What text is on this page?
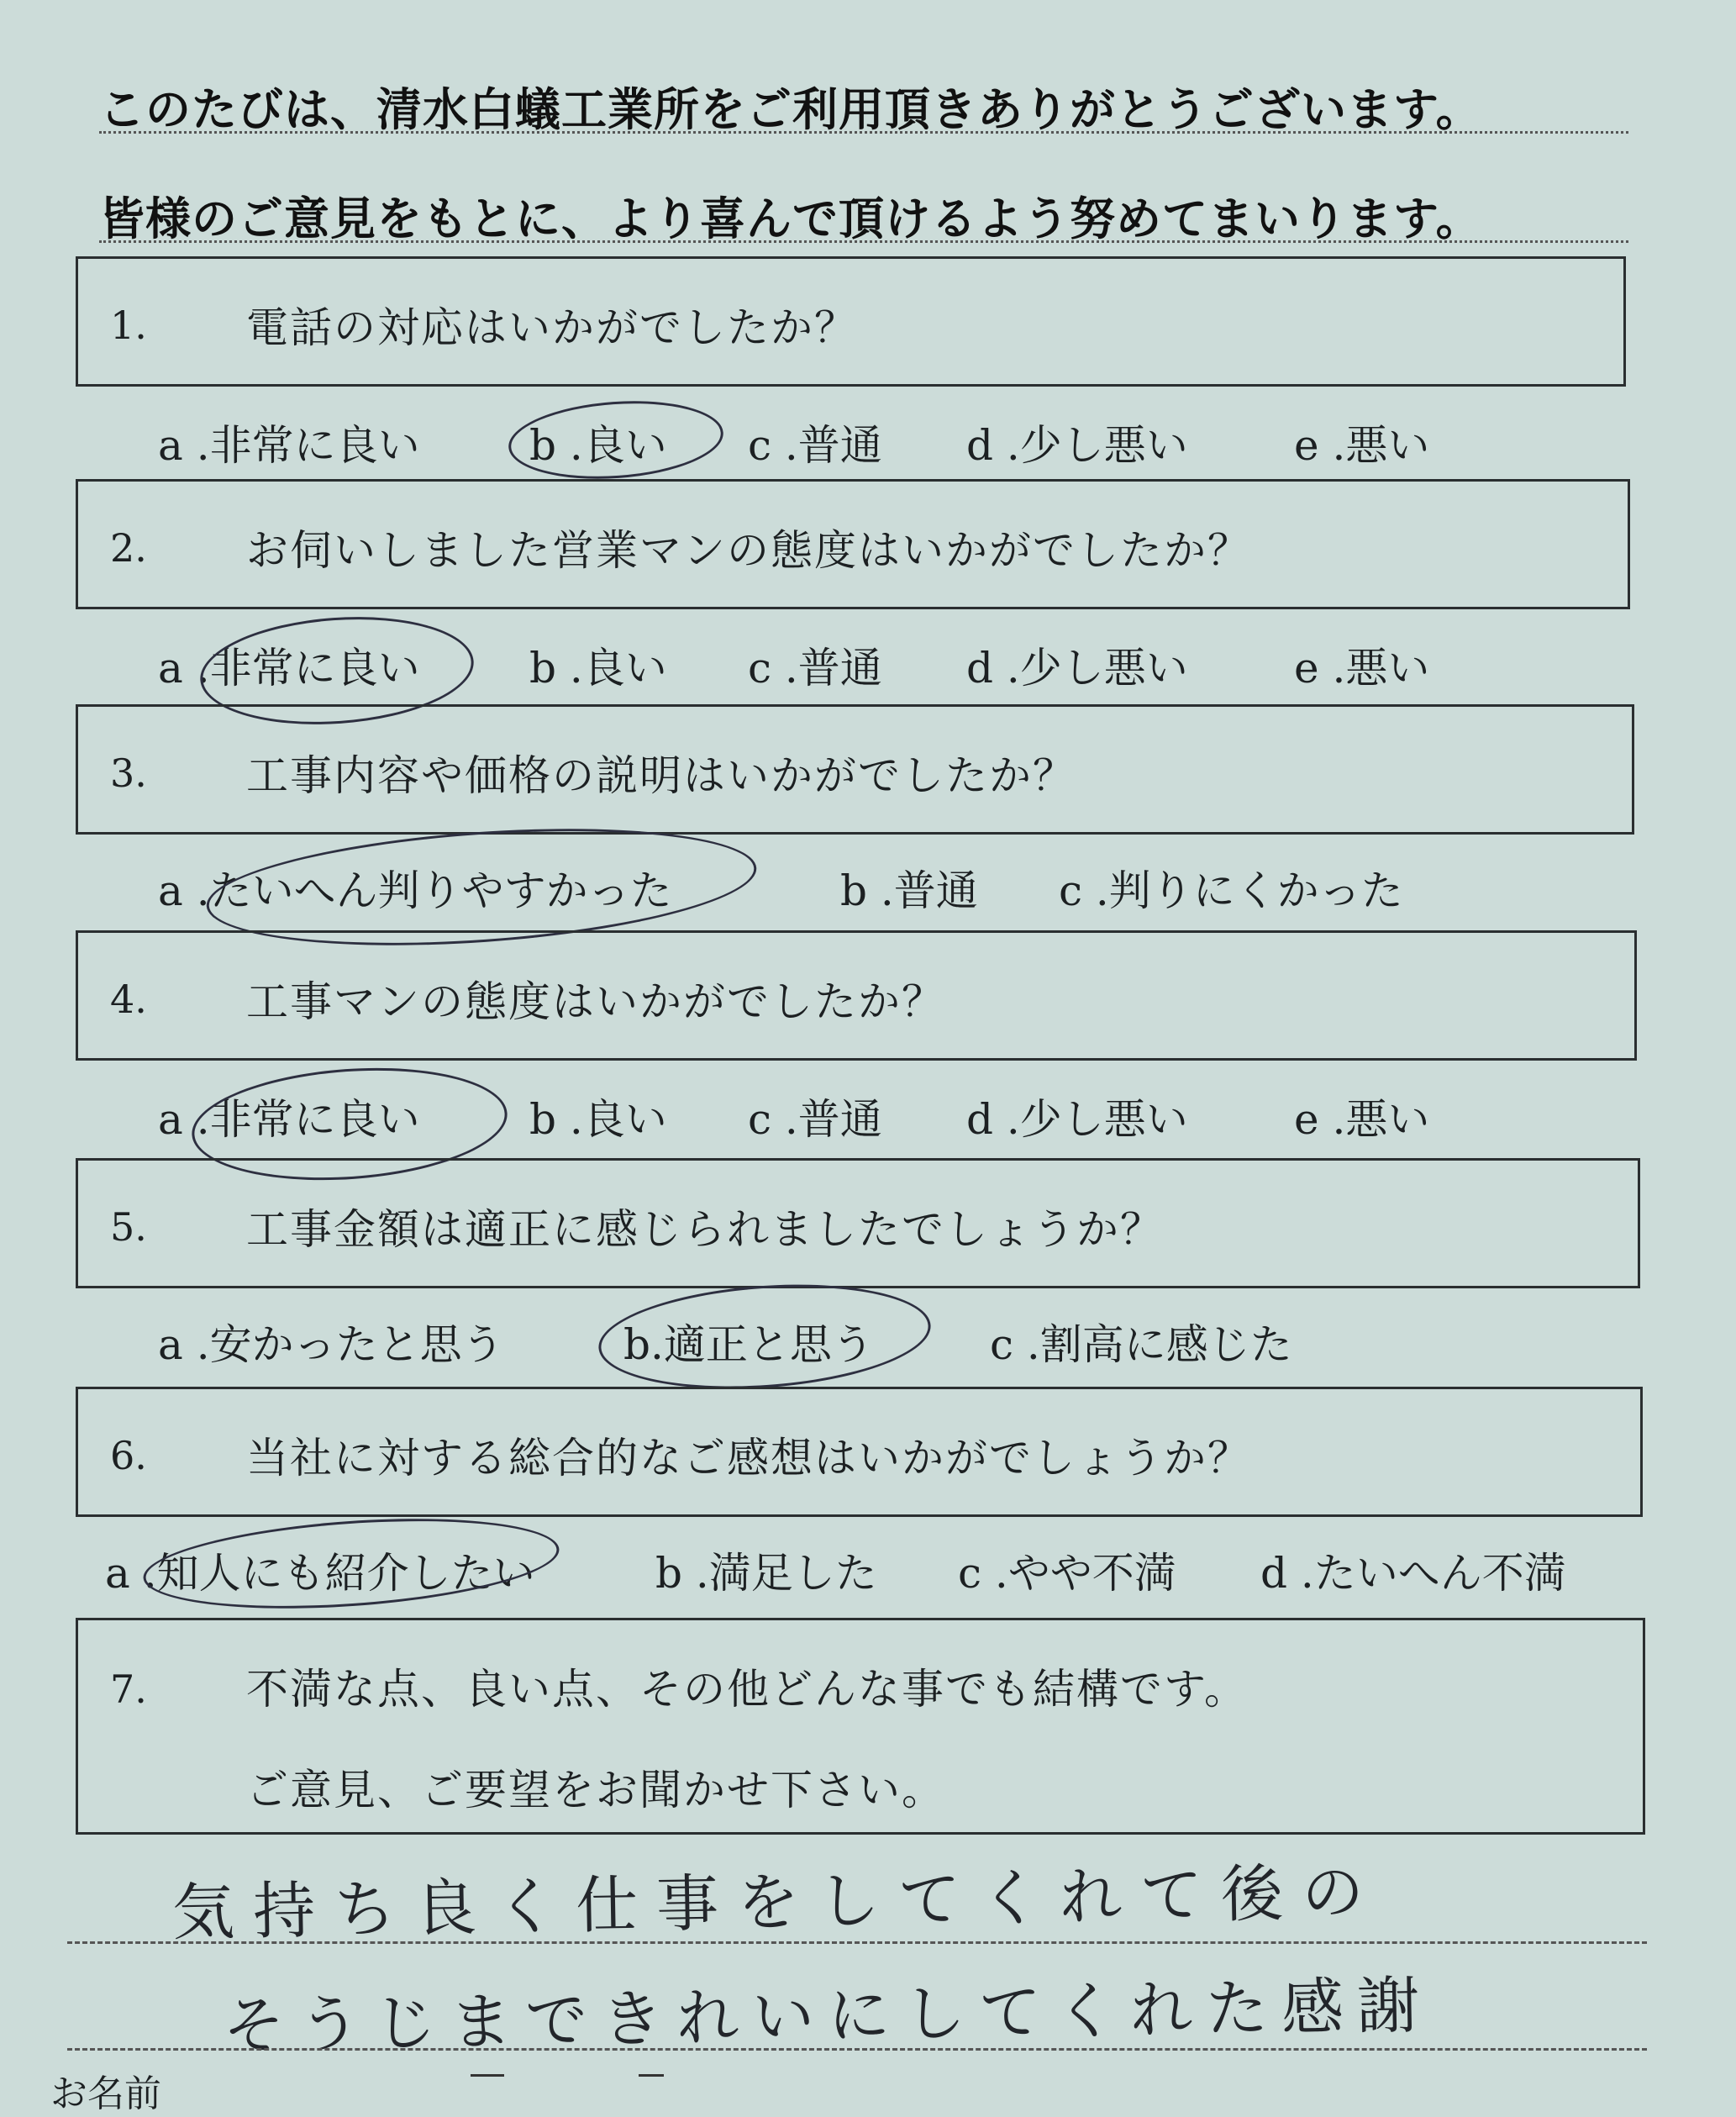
このたびは、清水白蟻工業所をご利用頂きありがとうございます。
皆様のご意見をもとに、より喜んで頂けるよう努めてまいります。
1. 電話の対応はいかがでしたか？
a .非常に良い	b .良い c .普通 d .少し悪い	e .悪い
2. お伺いしました営業マンの態度はいかがでしたか？
a .非常に良い	b .良い c .普通 d .少し悪い	e .悪い
3. 工事内容や価格の説明はいかがでしたか？
a .たいへん判りやすかった	b .普通 c .判りにくかった
4. 工事マンの態度はいかがでしたか？
a .非常に良い	b .良い c .普通 d .少し悪い	e .悪い
5. 工事金額は適正に感じられましたでしょうか？
a .安かったと思う	b.適正と思う	c .割高に感じた
6. 当社に対する総合的なご感想はいかがでしょうか？
a .知人にも紹介したい	b .満足した c .やや不満 d .たいへん不満
7. 不満な点、良い点、その他どんな事でも結構です。
ご意見、ご要望をお聞かせ下さい。
気持ち良く仕事をしてくれて後の
そうじまできれいにしてくれた感謝
お名前
